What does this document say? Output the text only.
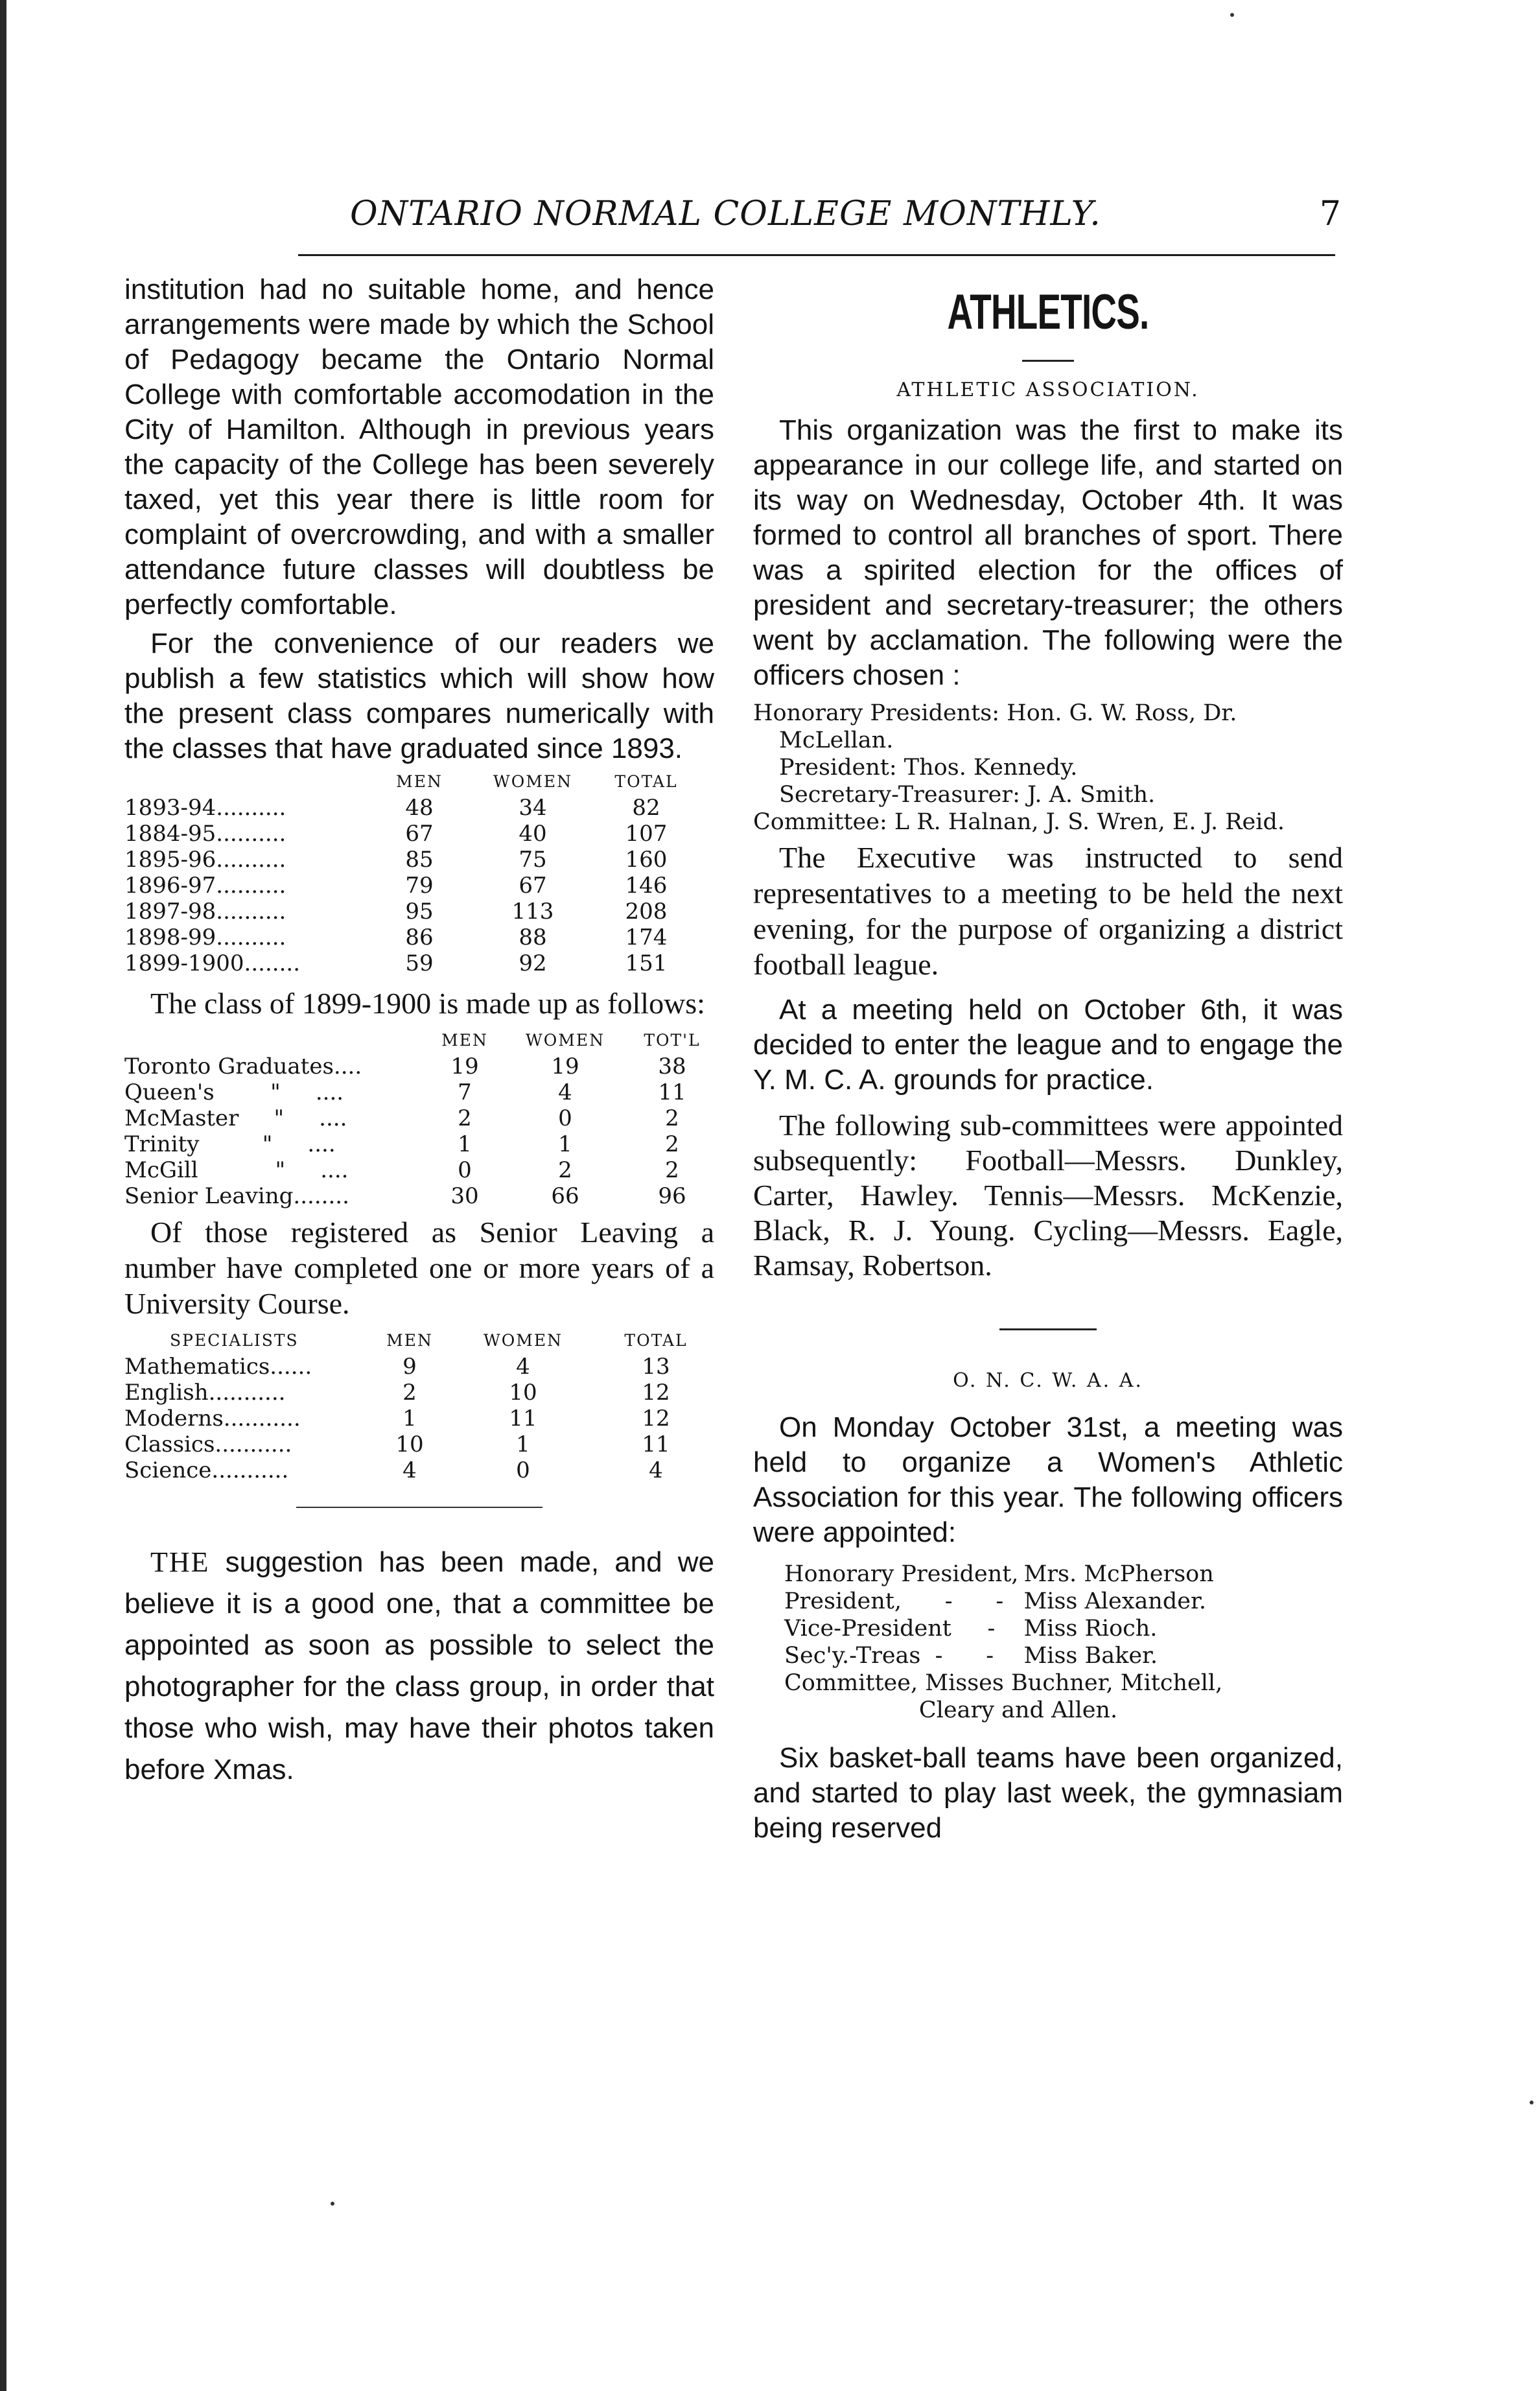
ONTARIO NORMAL COLLEGE MONTHLY.	7

institution had no suitable home, and hence arrangements were made by which the School of Pedagogy became the Ontario Normal College with comfortable accomodation in the City of Hamilton. Although in previous years the capacity of the College has been severely taxed, yet this year there is little room for complaint of overcrowding, and with a smaller attendance future classes will doubtless be perfectly comfortable.

For the convenience of our readers we publish a few statistics which will show how the present class compares numerically with the classes that have graduated since 1893.

	MEN	WOMEN	TOTAL
1893-94..........	48	34	82
1884-95..........	67	40	107
1895-96..........	85	75	160
1896-97..........	79	67	146
1897-98..........	95	113	208
1898-99..........	86	88	174
1899-1900........	59	92	151

The class of 1899-1900 is made up as follows:

	MEN	WOMEN	TOT'L
Toronto Graduates....	19	19	38
Queen's        "     ....	7	4	11
McMaster     "     ....	2	0	2
Trinity         "     ....	1	1	2
McGill           "     ....	0	2	2
Senior Leaving........	30	66	96

Of those registered as Senior Leaving a number have completed one or more years of a University Course.

SPECIALISTS	MEN	WOMEN	TOTAL
Mathematics......	9	4	13
English...........	2	10	12
Moderns...........	1	11	12
Classics...........	10	1	11
Science...........	4	0	4

THE suggestion has been made, and we believe it is a good one, that a committee be appointed as soon as possible to select the photographer for the class group, in order that those who wish, may have their photos taken before Xmas.

ATHLETICS.
ATHLETIC ASSOCIATION.

This organization was the first to make its appearance in our college life, and started on its way on Wednesday, October 4th. It was formed to control all branches of sport. There was a spirited election for the offices of president and secretary-treasurer; the others went by acclamation. The following were the officers chosen :

Honorary Presidents: Hon. G. W. Ross, Dr. McLellan.
President: Thos. Kennedy.
Secretary-Treasurer: J. A. Smith.
Committee: L R. Halnan, J. S. Wren, E. J. Reid.

The Executive was instructed to send representatives to a meeting to be held the next evening, for the purpose of organizing a district football league.

At a meeting held on October 6th, it was decided to enter the league and to engage the Y. M. C. A. grounds for practice.

The following sub-committees were appointed subsequently: Football—Messrs. Dunkley, Carter, Hawley. Tennis—Messrs. McKenzie, Black, R. J. Young. Cycling—Messrs. Eagle, Ramsay, Robertson.

O. N. C. W. A. A.

On Monday October 31st, a meeting was held to organize a Women's Athletic Association for this year. The following officers were appointed:

Honorary President,	Mrs. McPherson
President,      -      -	Miss Alexander.
Vice-President     -	Miss Rioch.
Sec'y.-Treas  -      -	Miss Baker.
Committee, Misses Buchner, Mitchell,
Cleary and Allen.

Six basket-ball teams have been organized, and started to play last week, the gymnasiam being reserved
